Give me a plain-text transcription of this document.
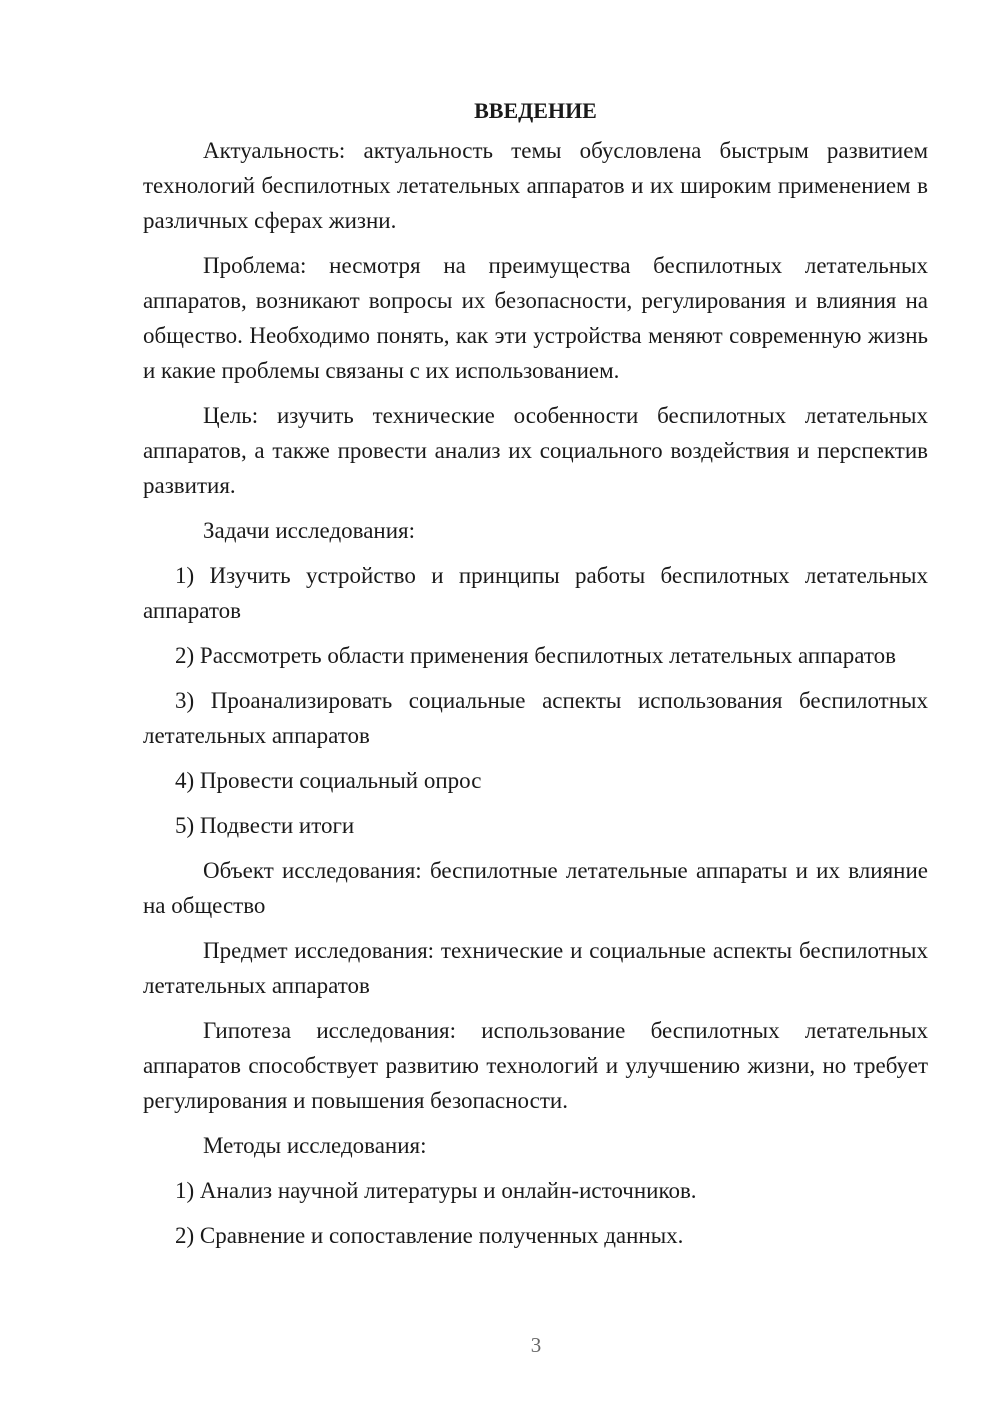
ВВЕДЕНИЕ

Актуальность: актуальность темы обусловлена быстрым развитием технологий беспилотных летательных аппаратов и их широким применением в различных сферах жизни.

Проблема: несмотря на преимущества беспилотных летательных аппаратов, возникают вопросы их безопасности, регулирования и влияния на общество. Необходимо понять, как эти устройства меняют современную жизнь и какие проблемы связаны с их использованием.

Цель: изучить технические особенности беспилотных летательных аппаратов, а также провести анализ их социального воздействия и перспектив развития.

Задачи исследования:

1) Изучить устройство и принципы работы беспилотных летательных аппаратов

2) Рассмотреть области применения беспилотных летательных аппаратов

3) Проанализировать социальные аспекты использования беспилотных летательных аппаратов

4) Провести социальный опрос

5) Подвести итоги

Объект исследования: беспилотные летательные аппараты и их влияние на общество

Предмет исследования: технические и социальные аспекты беспилотных летательных аппаратов

Гипотеза исследования: использование беспилотных летательных аппаратов способствует развитию технологий и улучшению жизни, но требует регулирования и повышения безопасности.

Методы исследования:

1) Анализ научной литературы и онлайн-источников.

2) Сравнение и сопоставление полученных данных.

3
